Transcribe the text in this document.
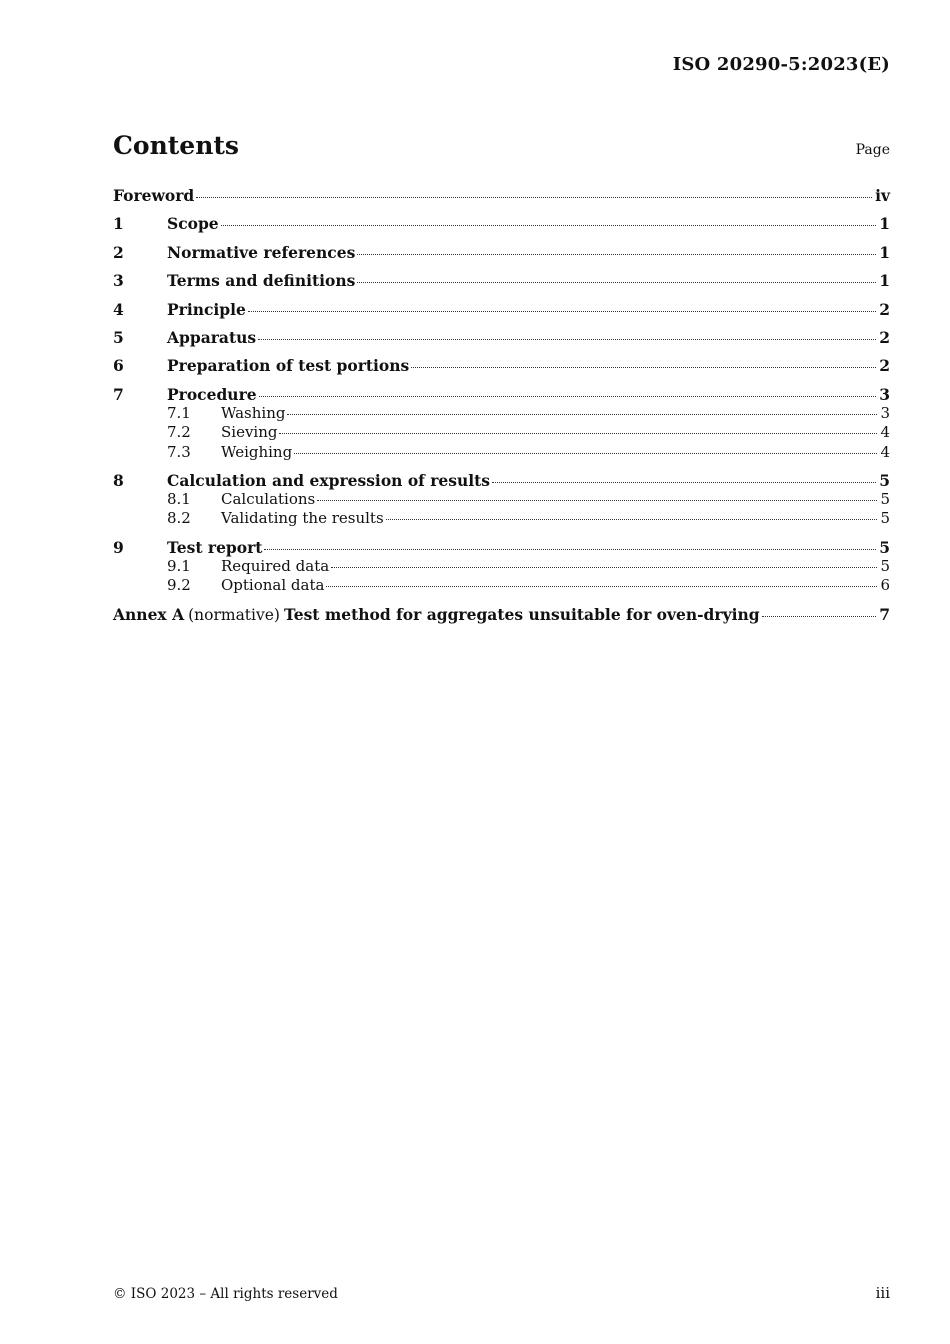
ISO 20290-5:2023(E)
Contents	Page
Foreword	iv
1	Scope	1
2	Normative references	1
3	Terms and definitions	1
4	Principle	2
5	Apparatus	2
6	Preparation of test portions	2
7	Procedure	3
7.1	Washing	3
7.2	Sieving	4
7.3	Weighing	4
8	Calculation and expression of results	5
8.1	Calculations	5
8.2	Validating the results	5
9	Test report	5
9.1	Required data	5
9.2	Optional data	6
Annex A (normative) Test method for aggregates unsuitable for oven-drying	7
© ISO 2023 – All rights reserved	iii
